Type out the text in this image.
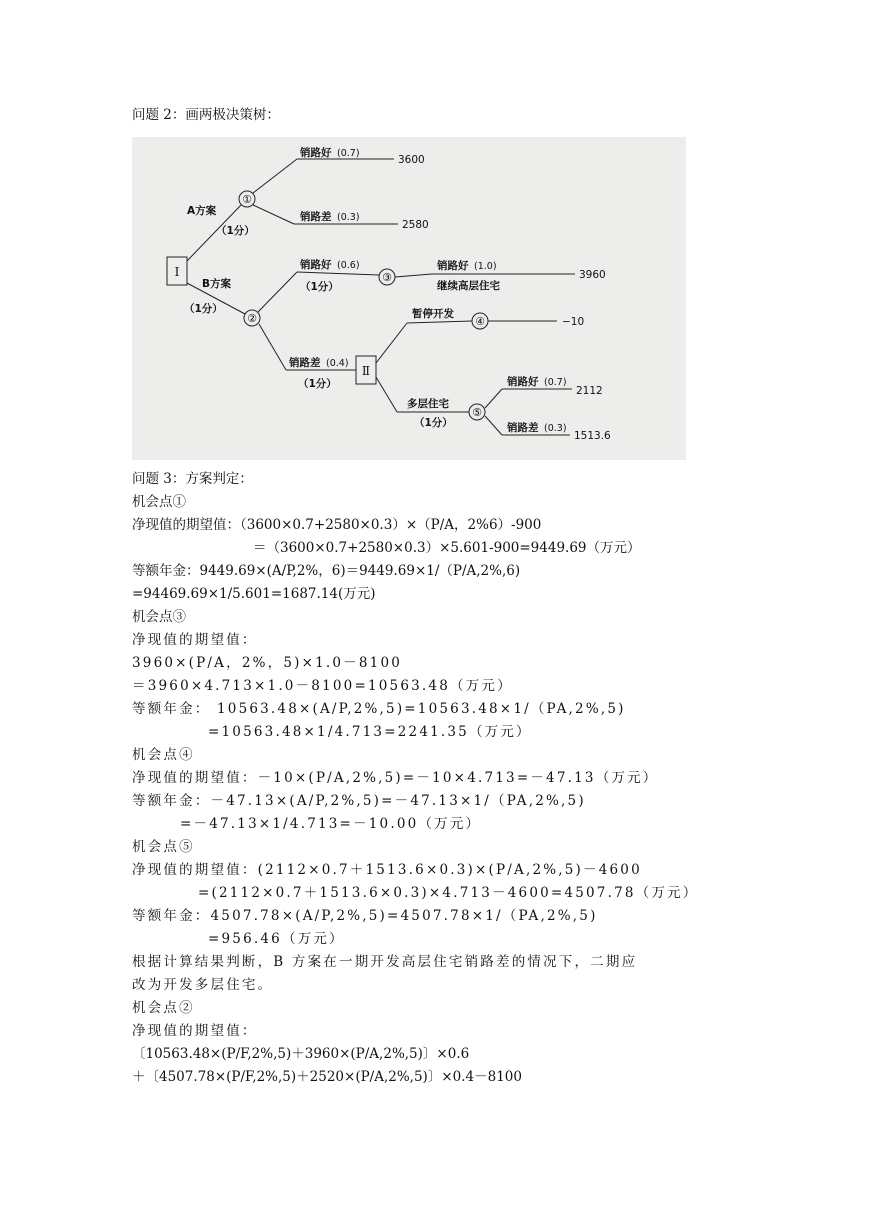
问题 2：画两极决策树：
I
Ⅱ
①
②
③
④
⑤
A方案
（1分）
B方案
（1分）
销路好 (0.7)
3600
销路差 (0.3)
2580
销路好 (0.6)
（1分）
销路好 (1.0)
继续高层住宅
3960
销路差 (0.4)
（1分）
暂停开发
−10
多层住宅
（1分）
销路好 (0.7)
2112
销路差 (0.3)
1513.6
问题 3：方案判定：
机会点①
净现值的期望值：（3600×0.7+2580×0.3）×（P/A，2%6）-900
＝（3600×0.7+2580×0.3）×5.601-900=9449.69（万元）
等额年金：9449.69×(A/P,2%，6)＝9449.69×1/（P/A,2%,6)
=94469.69×1/5.601=1687.14(万元)
机会点③
净现值的期望值：
3960×(P/A，2%，5)×1.0－8100
＝3960×4.713×1.0－8100=10563.48（万元）
等额年金： 10563.48×(A/P,2%,5)=10563.48×1/（PA,2%,5)
=10563.48×1/4.713=2241.35（万元）
机会点④
净现值的期望值：－10×(P/A,2%,5)=－10×4.713=－47.13（万元）
等额年金：－47.13×(A/P,2%,5)=－47.13×1/（PA,2%,5)
=－47.13×1/4.713=－10.00（万元）
机会点⑤
净现值的期望值：(2112×0.7＋1513.6×0.3)×(P/A,2%,5)－4600
=(2112×0.7＋1513.6×0.3)×4.713－4600=4507.78（万元）
等额年金：4507.78×(A/P,2%,5)=4507.78×1/（PA,2%,5)
=956.46（万元）
根据计算结果判断，B 方案在一期开发高层住宅销路差的情况下，二期应
改为开发多层住宅。
机会点②
净现值的期望值：
〔10563.48×(P/F,2%,5)＋3960×(P/A,2%,5)〕×0.6
＋〔4507.78×(P/F,2%,5)＋2520×(P/A,2%,5)〕×0.4－8100
